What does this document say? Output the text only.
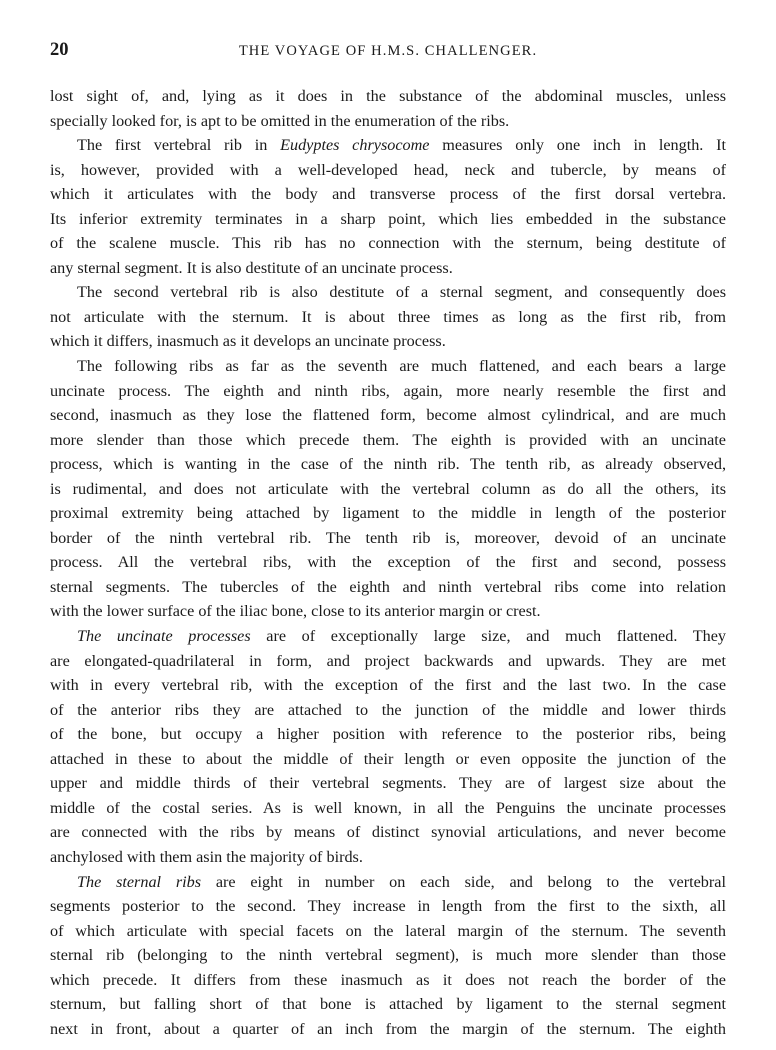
20	THE VOYAGE OF H.M.S. CHALLENGER.

lost sight of, and, lying as it does in the substance of the abdominal muscles, unless
specially looked for, is apt to be omitted in the enumeration of the ribs.

The first vertebral rib in Eudyptes chrysocome measures only one inch in length. It
is, however, provided with a well-developed head, neck and tubercle, by means of
which it articulates with the body and transverse process of the first dorsal vertebra.
Its inferior extremity terminates in a sharp point, which lies embedded in the substance
of the scalene muscle. This rib has no connection with the sternum, being destitute of
any sternal segment. It is also destitute of an uncinate process.

The second vertebral rib is also destitute of a sternal segment, and consequently does
not articulate with the sternum. It is about three times as long as the first rib, from
which it differs, inasmuch as it develops an uncinate process.

The following ribs as far as the seventh are much flattened, and each bears a large
uncinate process. The eighth and ninth ribs, again, more nearly resemble the first and
second, inasmuch as they lose the flattened form, become almost cylindrical, and are much
more slender than those which precede them. The eighth is provided with an uncinate
process, which is wanting in the case of the ninth rib. The tenth rib, as already observed,
is rudimental, and does not articulate with the vertebral column as do all the others, its
proximal extremity being attached by ligament to the middle in length of the posterior
border of the ninth vertebral rib. The tenth rib is, moreover, devoid of an uncinate
process. All the vertebral ribs, with the exception of the first and second, possess
sternal segments. The tubercles of the eighth and ninth vertebral ribs come into relation
with the lower surface of the iliac bone, close to its anterior margin or crest.

The uncinate processes are of exceptionally large size, and much flattened. They
are elongated-quadrilateral in form, and project backwards and upwards. They are met
with in every vertebral rib, with the exception of the first and the last two. In the case
of the anterior ribs they are attached to the junction of the middle and lower thirds
of the bone, but occupy a higher position with reference to the posterior ribs, being
attached in these to about the middle of their length or even opposite the junction of the
upper and middle thirds of their vertebral segments. They are of largest size about the
middle of the costal series. As is well known, in all the Penguins the uncinate processes
are connected with the ribs by means of distinct synovial articulations, and never become
anchylosed with them asin the majority of birds.

The sternal ribs are eight in number on each side, and belong to the vertebral
segments posterior to the second. They increase in length from the first to the sixth, all
of which articulate with special facets on the lateral margin of the sternum. The seventh
sternal rib (belonging to the ninth vertebral segment), is much more slender than those
which precede. It differs from these inasmuch as it does not reach the border of the
sternum, but falling short of that bone is attached by ligament to the sternal segment
next in front, about a quarter of an inch from the margin of the sternum. The eighth
